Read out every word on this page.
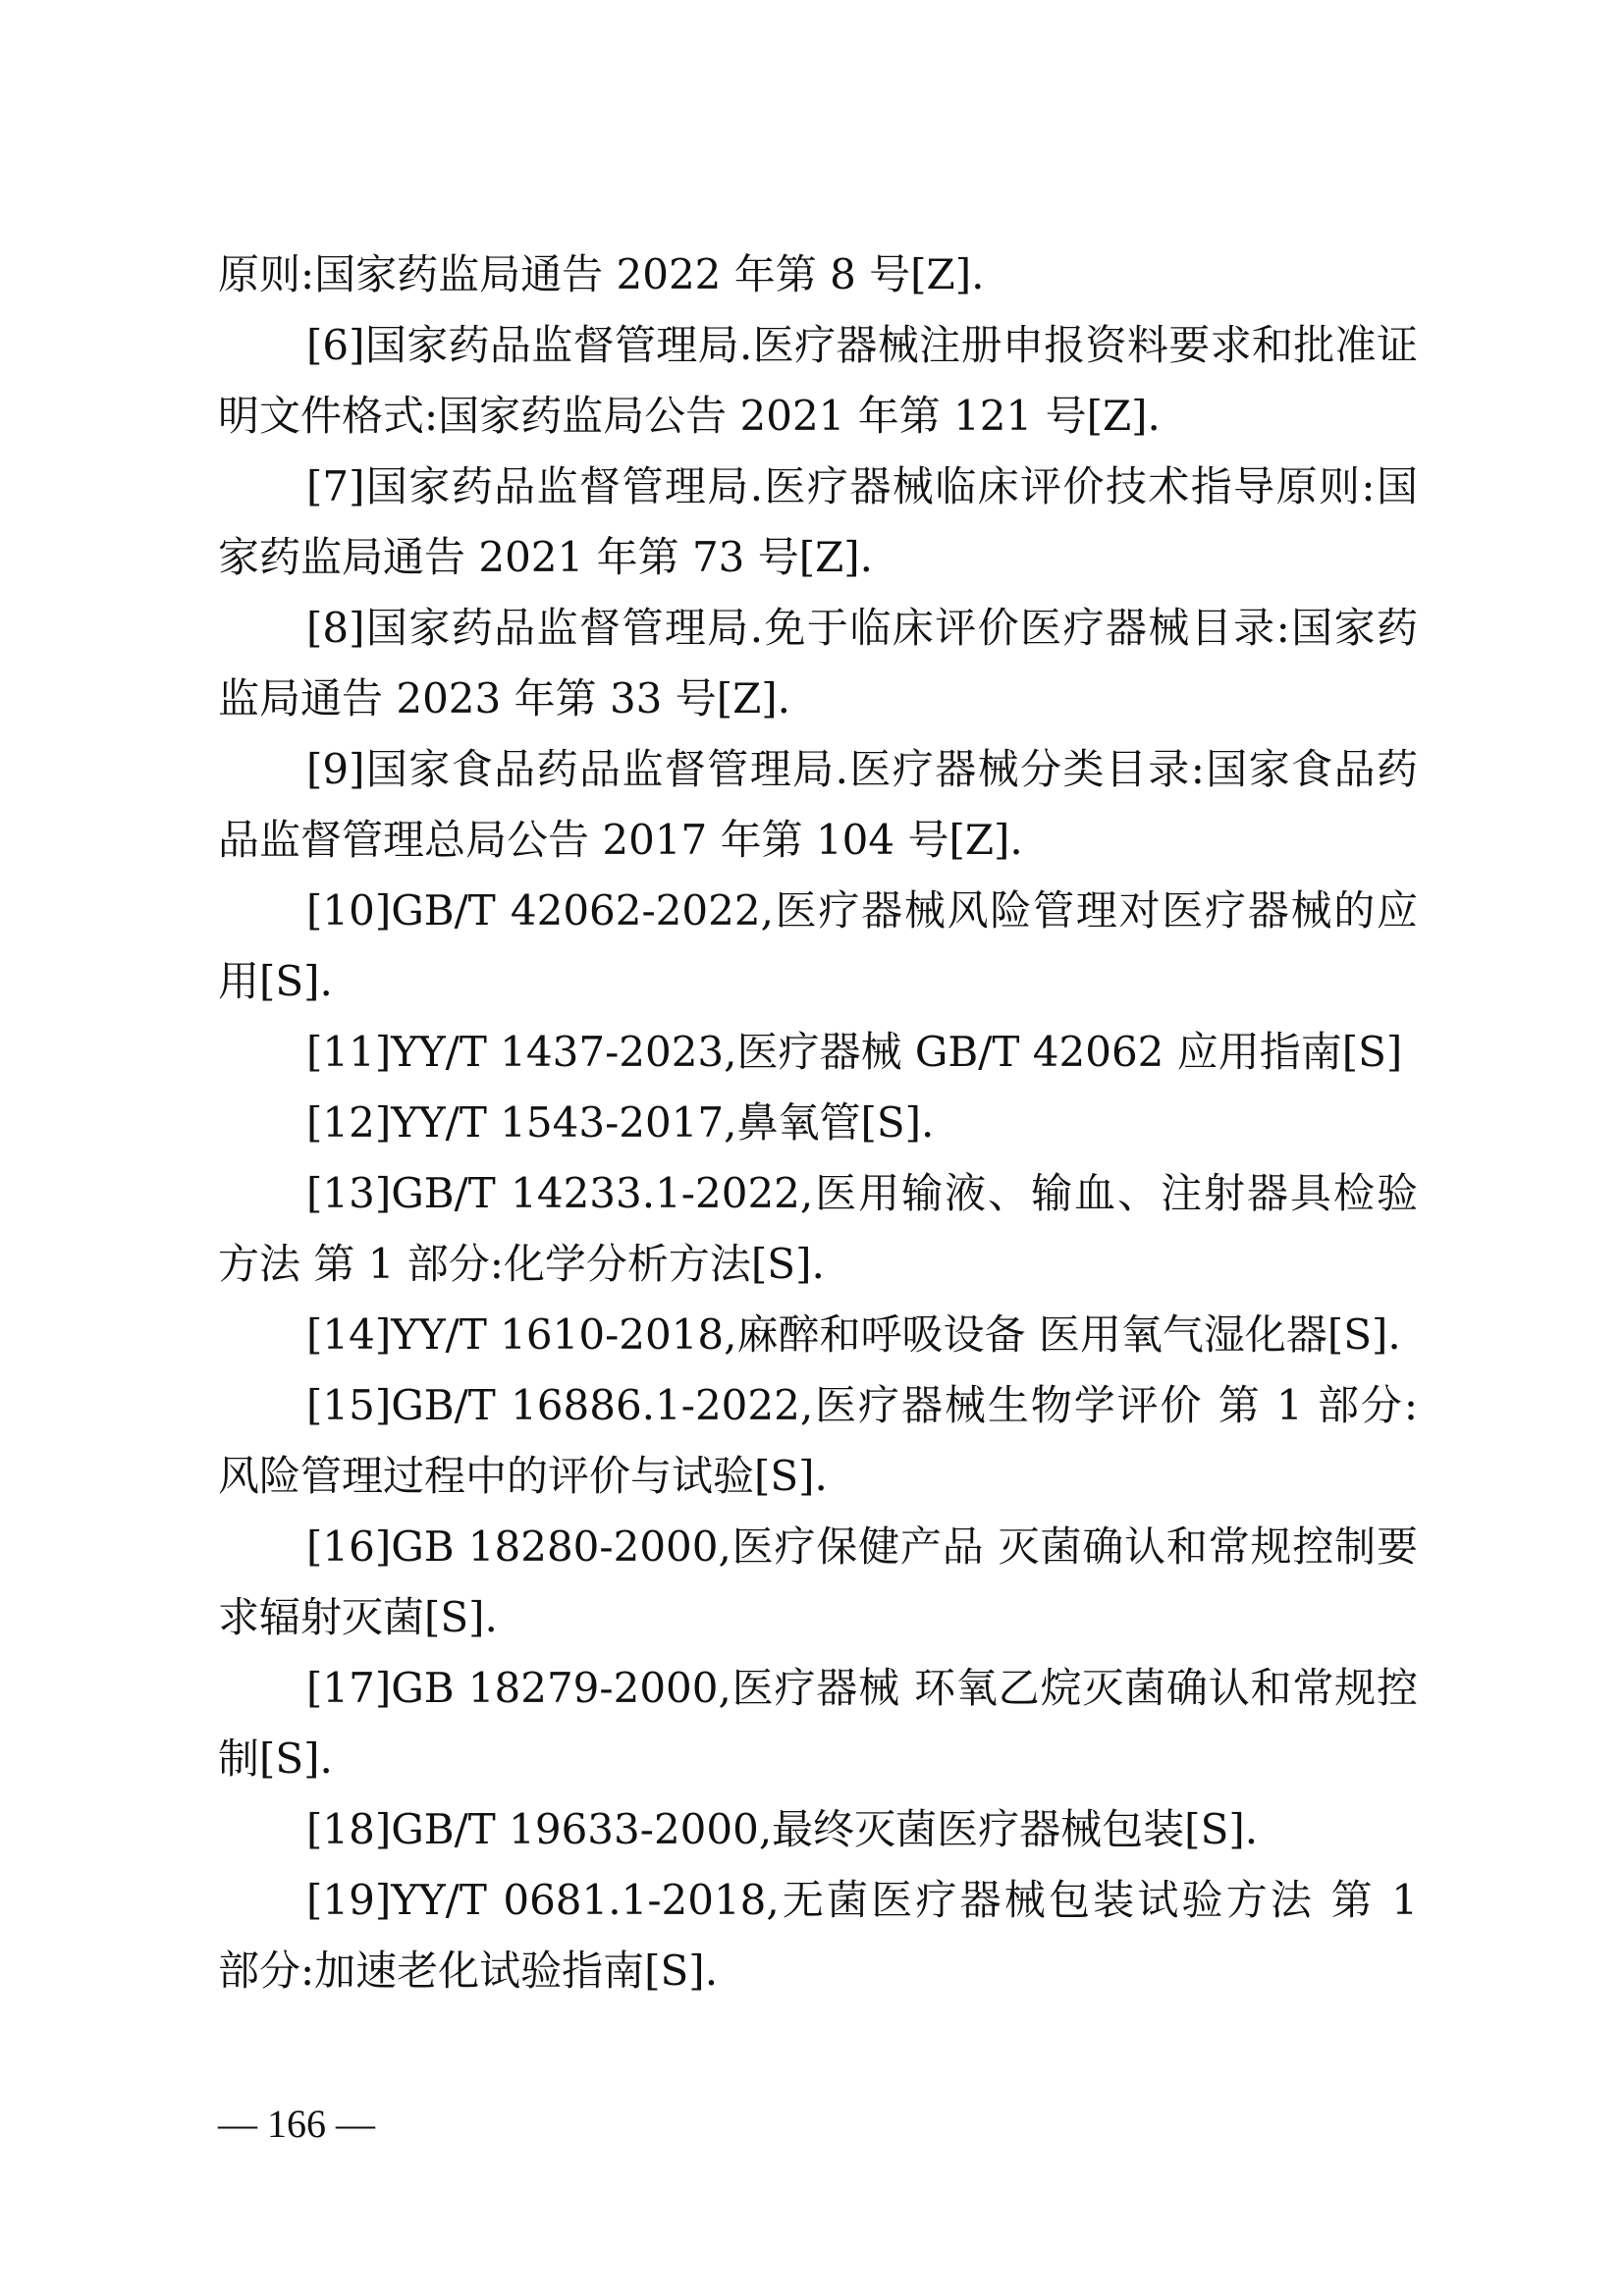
原则:国家药监局通告 2022 年第 8 号[Z].

[6]国家药品监督管理局.医疗器械注册申报资料要求和批准证明文件格式:国家药监局公告 2021 年第 121 号[Z].

[7]国家药品监督管理局.医疗器械临床评价技术指导原则:国家药监局通告 2021 年第 73 号[Z].

[8]国家药品监督管理局.免于临床评价医疗器械目录:国家药监局通告 2023 年第 33 号[Z].

[9]国家食品药品监督管理局.医疗器械分类目录:国家食品药品监督管理总局公告 2017 年第 104 号[Z].

[10]GB/T 42062-2022,医疗器械风险管理对医疗器械的应用[S].

[11]YY/T 1437-2023,医疗器械 GB/T 42062 应用指南[S]

[12]YY/T 1543-2017,鼻氧管[S].

[13]GB/T 14233.1-2022,医用输液、输血、注射器具检验方法 第 1 部分:化学分析方法[S].

[14]YY/T 1610-2018,麻醉和呼吸设备 医用氧气湿化器[S].

[15]GB/T 16886.1-2022,医疗器械生物学评价 第 1 部分:风险管理过程中的评价与试验[S].

[16]GB 18280-2000,医疗保健产品 灭菌确认和常规控制要求辐射灭菌[S].

[17]GB 18279-2000,医疗器械 环氧乙烷灭菌确认和常规控制[S].

[18]GB/T 19633-2000,最终灭菌医疗器械包装[S].

[19]YY/T 0681.1-2018,无菌医疗器械包装试验方法 第 1 部分:加速老化试验指南[S].

— 166 —
